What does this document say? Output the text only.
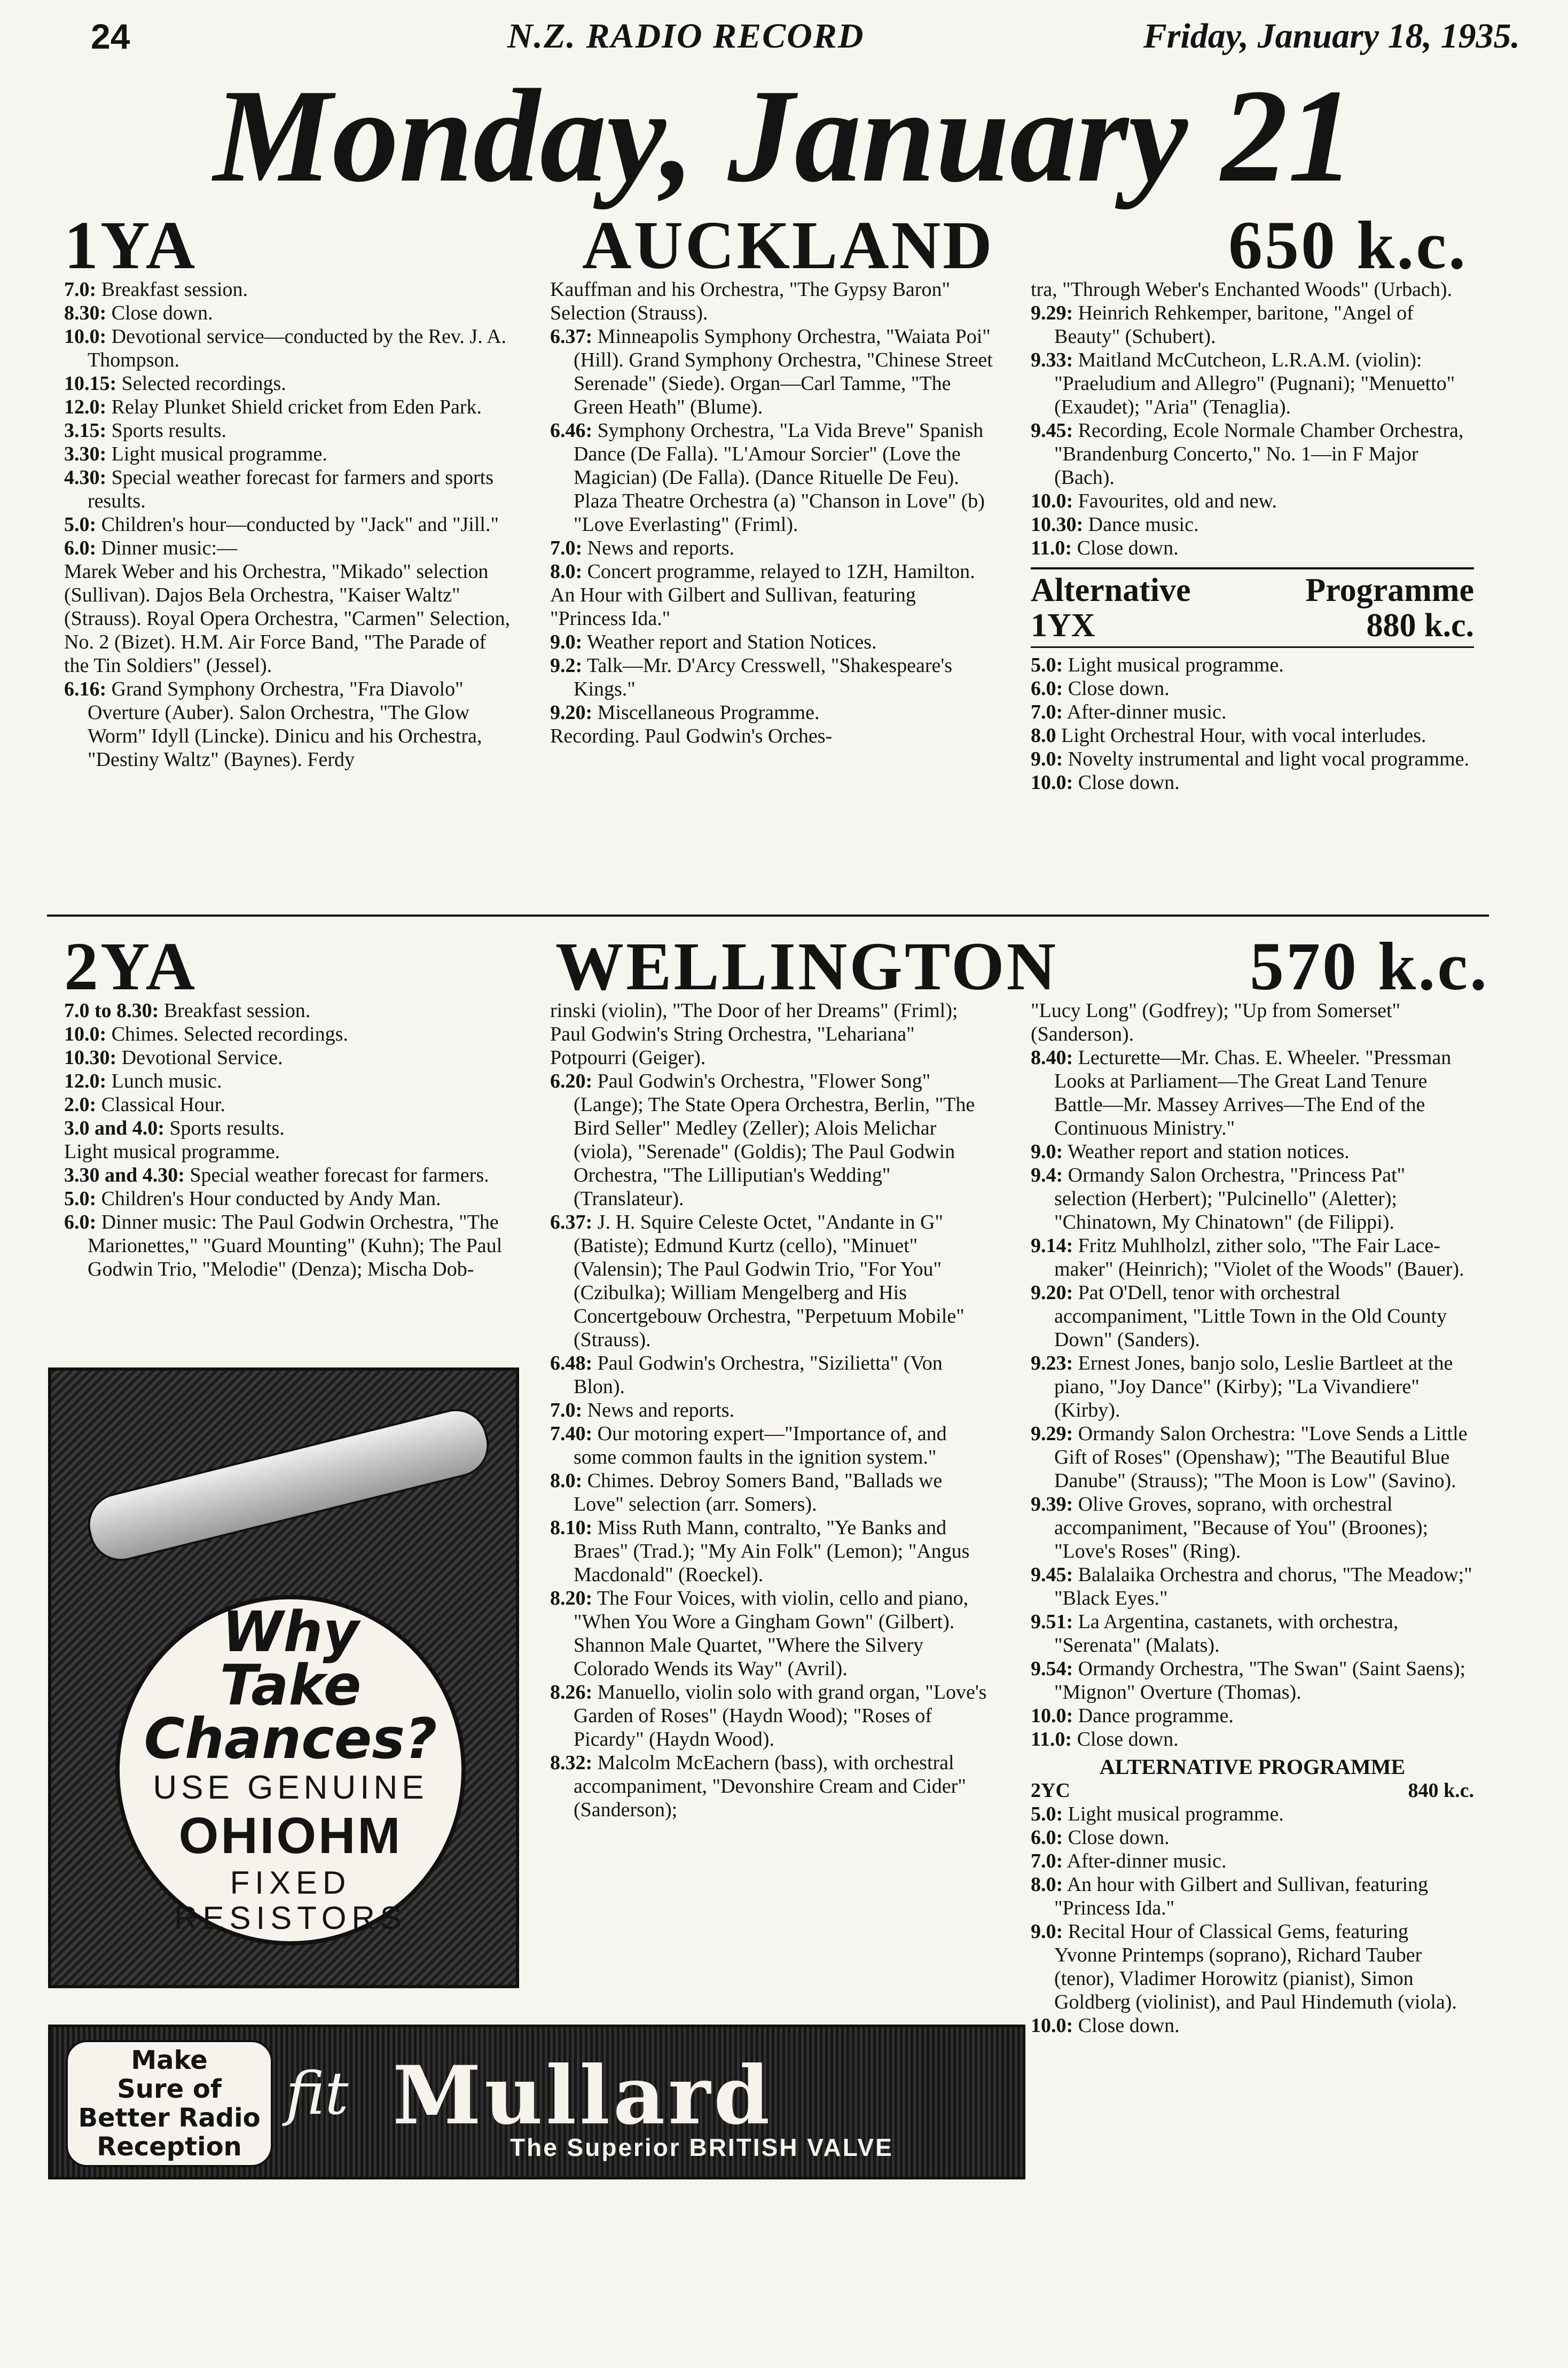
24	N.Z. RADIO RECORD	Friday, January 18, 1935.
Monday, January 21
1YA	AUCKLAND	650 k.c.

7.0: Breakfast session.

8.30: Close down.

10.0: Devotional service—conducted by the Rev. J. A. Thompson.

10.15: Selected recordings.

12.0: Relay Plunket Shield cricket from Eden Park.

3.15: Sports results.

3.30: Light musical programme.

4.30: Special weather forecast for farmers and sports results.

5.0: Children's hour—conducted by "Jack" and "Jill."

6.0: Dinner music:—

Marek Weber and his Orchestra, "Mikado" selection (Sullivan). Dajos Bela Orchestra, "Kaiser Waltz" (Strauss). Royal Opera Orchestra, "Carmen" Selection, No. 2 (Bizet). H.M. Air Force Band, "The Parade of the Tin Soldiers" (Jessel).

6.16: Grand Symphony Orchestra, "Fra Diavolo" Overture (Auber). Salon Orchestra, "The Glow Worm" Idyll (Lincke). Dinicu and his Orchestra, "Destiny Waltz" (Baynes). Ferdy

Kauffman and his Orchestra, "The Gypsy Baron" Selection (Strauss).

6.37: Minneapolis Symphony Orchestra, "Waiata Poi" (Hill). Grand Symphony Orchestra, "Chinese Street Serenade" (Siede). Organ—Carl Tamme, "The Green Heath" (Blume).

6.46: Symphony Orchestra, "La Vida Breve" Spanish Dance (De Falla). "L'Amour Sorcier" (Love the Magician) (De Falla). (Dance Rituelle De Feu). Plaza Theatre Orchestra (a) "Chanson in Love" (b) "Love Everlasting" (Friml).

7.0: News and reports.

8.0: Concert programme, relayed to 1ZH, Hamilton.

An Hour with Gilbert and Sullivan, featuring "Princess Ida."

9.0: Weather report and Station Notices.

9.2: Talk—Mr. D'Arcy Cresswell, "Shakespeare's Kings."

9.20: Miscellaneous Programme.

Recording. Paul Godwin's Orches-

tra, "Through Weber's Enchanted Woods" (Urbach).

9.29: Heinrich Rehkemper, baritone, "Angel of Beauty" (Schubert).

9.33: Maitland McCutcheon, L.R.A.M. (violin): "Praeludium and Allegro" (Pugnani); "Menuetto" (Exaudet); "Aria" (Tenaglia).

9.45: Recording, Ecole Normale Chamber Orchestra, "Brandenburg Concerto," No. 1—in F Major (Bach).

10.0: Favourites, old and new.

10.30: Dance music.

11.0: Close down.

Alternative	Programme
1YX	880 k.c.

5.0: Light musical programme.

6.0: Close down.

7.0: After-dinner music.

8.0 Light Orchestral Hour, with vocal interludes.

9.0: Novelty instrumental and light vocal programme.

10.0: Close down.

2YA	WELLINGTON	570 k.c.

7.0 to 8.30: Breakfast session.

10.0: Chimes. Selected recordings.

10.30: Devotional Service.

12.0: Lunch music.

2.0: Classical Hour.

3.0 and 4.0: Sports results.

Light musical programme.

3.30 and 4.30: Special weather forecast for farmers.

5.0: Children's Hour conducted by Andy Man.

6.0: Dinner music: The Paul Godwin Orchestra, "The Marionettes," "Guard Mounting" (Kuhn); The Paul Godwin Trio, "Melodie" (Denza); Mischa Dob-

rinski (violin), "The Door of her Dreams" (Friml); Paul Godwin's String Orchestra, "Lehariana" Potpourri (Geiger).

6.20: Paul Godwin's Orchestra, "Flower Song" (Lange); The State Opera Orchestra, Berlin, "The Bird Seller" Medley (Zeller); Alois Melichar (viola), "Serenade" (Goldis); The Paul Godwin Orchestra, "The Lilliputian's Wedding" (Translateur).

6.37: J. H. Squire Celeste Octet, "Andante in G" (Batiste); Edmund Kurtz (cello), "Minuet" (Valensin); The Paul Godwin Trio, "For You" (Czibulka); William Mengelberg and His Concertgebouw Orchestra, "Perpetuum Mobile" (Strauss).

6.48: Paul Godwin's Orchestra, "Sizilietta" (Von Blon).

7.0: News and reports.

7.40: Our motoring expert—"Importance of, and some common faults in the ignition system."

8.0: Chimes. Debroy Somers Band, "Ballads we Love" selection (arr. Somers).

8.10: Miss Ruth Mann, contralto, "Ye Banks and Braes" (Trad.); "My Ain Folk" (Lemon); "Angus Macdonald" (Roeckel).

8.20: The Four Voices, with violin, cello and piano, "When You Wore a Gingham Gown" (Gilbert). Shannon Male Quartet, "Where the Silvery Colorado Wends its Way" (Avril).

8.26: Manuello, violin solo with grand organ, "Love's Garden of Roses" (Haydn Wood); "Roses of Picardy" (Haydn Wood).

8.32: Malcolm McEachern (bass), with orchestral accompaniment, "Devonshire Cream and Cider" (Sanderson);

"Lucy Long" (Godfrey); "Up from Somerset" (Sanderson).

8.40: Lecturette—Mr. Chas. E. Wheeler. "Pressman Looks at Parliament—The Great Land Tenure Battle—Mr. Massey Arrives—The End of the Continuous Ministry."

9.0: Weather report and station notices.

9.4: Ormandy Salon Orchestra, "Princess Pat" selection (Herbert); "Pulcinello" (Aletter); "Chinatown, My Chinatown" (de Filippi).

9.14: Fritz Muhlholzl, zither solo, "The Fair Lace-maker" (Heinrich); "Violet of the Woods" (Bauer).

9.20: Pat O'Dell, tenor with orchestral accompaniment, "Little Town in the Old County Down" (Sanders).

9.23: Ernest Jones, banjo solo, Leslie Bartleet at the piano, "Joy Dance" (Kirby); "La Vivandiere" (Kirby).

9.29: Ormandy Salon Orchestra: "Love Sends a Little Gift of Roses" (Openshaw); "The Beautiful Blue Danube" (Strauss); "The Moon is Low" (Savino).

9.39: Olive Groves, soprano, with orchestral accompaniment, "Because of You" (Broones); "Love's Roses" (Ring).

9.45: Balalaika Orchestra and chorus, "The Meadow;" "Black Eyes."

9.51: La Argentina, castanets, with orchestra, "Serenata" (Malats).

9.54: Ormandy Orchestra, "The Swan" (Saint Saens); "Mignon" Overture (Thomas).

10.0: Dance programme.

11.0: Close down.

ALTERNATIVE PROGRAMME
2YC	840 k.c.

5.0: Light musical programme.

6.0: Close down.

7.0: After-dinner music.

8.0: An hour with Gilbert and Sullivan, featuring "Princess Ida."

9.0: Recital Hour of Classical Gems, featuring Yvonne Printemps (soprano), Richard Tauber (tenor), Vladimer Horowitz (pianist), Simon Goldberg (violinist), and Paul Hindemuth (viola).

10.0: Close down.

Why
Take Chances?
USE GENUINE
OHIOHM
FIXED
RESISTORS
Make
Sure of
Better Radio
Reception
fit Mullard
The Superior BRITISH VALVE
